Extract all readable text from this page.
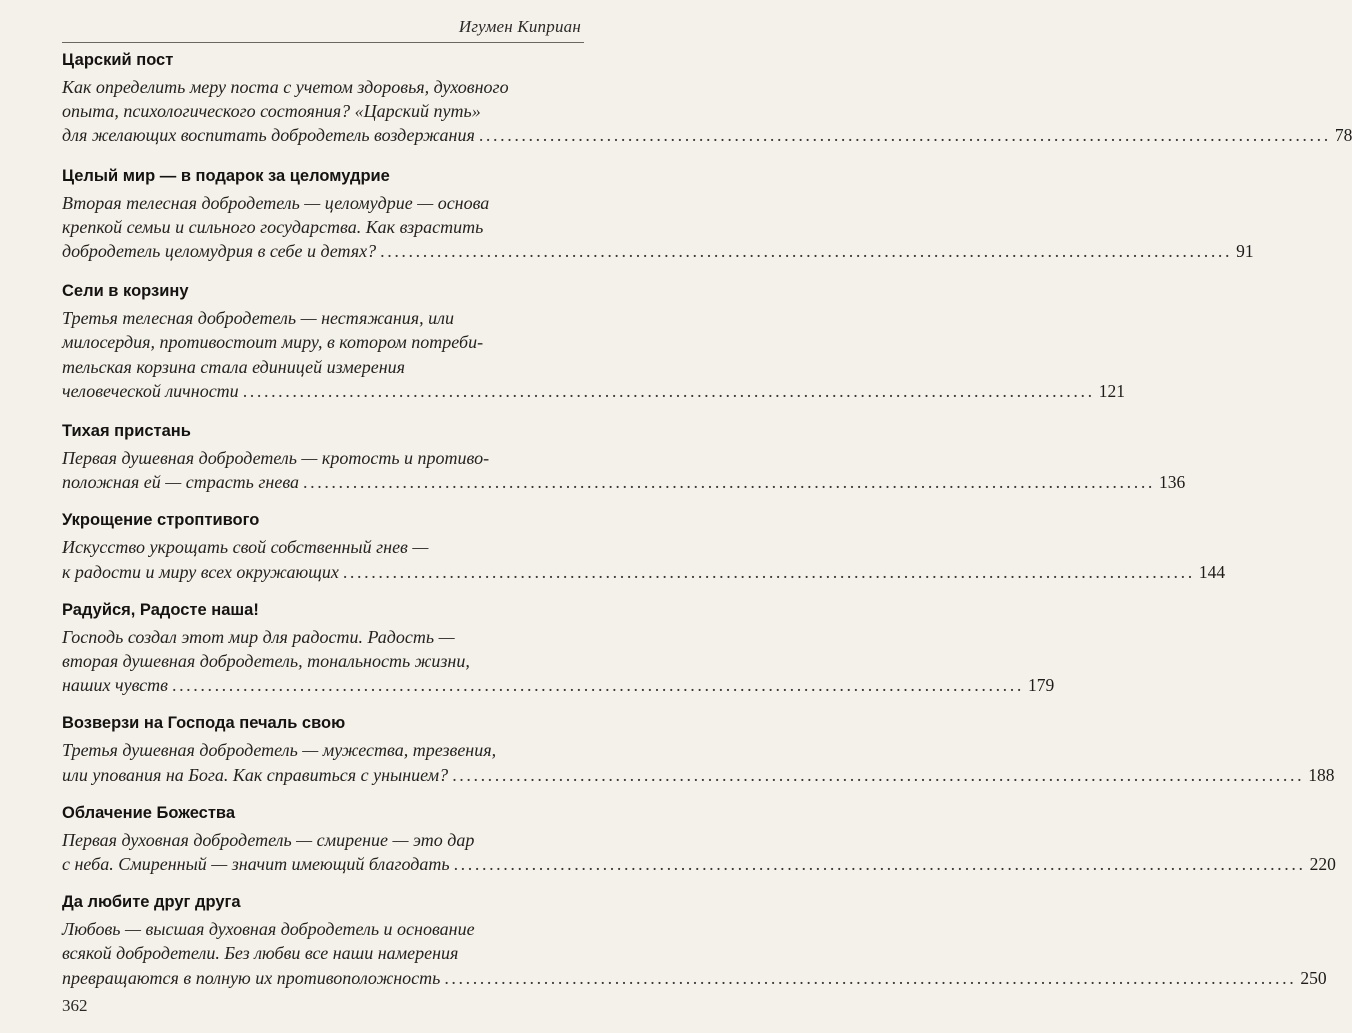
Игумен Киприан
Царский пост
Как определить меру поста с учетом здоровья, духовного
опыта, психологического состояния? «Царский путь»
для желающих воспитать добродетель воздержания ........................................................................................................................ 78
Целый мир — в подарок за целомудрие
Вторая телесная добродетель — целомудрие — основа
крепкой семьи и сильного государства. Как взрастить
добродетель целомудрия в себе и детях? ........................................................................................................................ 91
Сели в корзину
Третья телесная добродетель — нестяжания, или
милосердия, противостоит миру, в котором потреби-
тельская корзина стала единицей измерения
человеческой личности ........................................................................................................................ 121
Тихая пристань
Первая душевная добродетель — кротость и противо-
положная ей — страсть гнева ........................................................................................................................ 136
Укрощение строптивого
Искусство укрощать свой собственный гнев —
к радости и миру всех окружающих ........................................................................................................................ 144
Радуйся, Радосте наша!
Господь создал этот мир для радости. Радость —
вторая душевная добродетель, тональность жизни,
наших чувств ........................................................................................................................ 179
Возверзи на Господа печаль свою
Третья душевная добродетель — мужества, трезвения,
или упования на Бога. Как справиться с унынием? ........................................................................................................................ 188
Облачение Божества
Первая духовная добродетель — смирение — это дар
с неба. Смиренный — значит имеющий благодать ........................................................................................................................ 220
Да любите друг друга
Любовь — высшая духовная добродетель и основание
всякой добродетели. Без любви все наши намерения
превращаются в полную их противоположность ........................................................................................................................ 250
362
